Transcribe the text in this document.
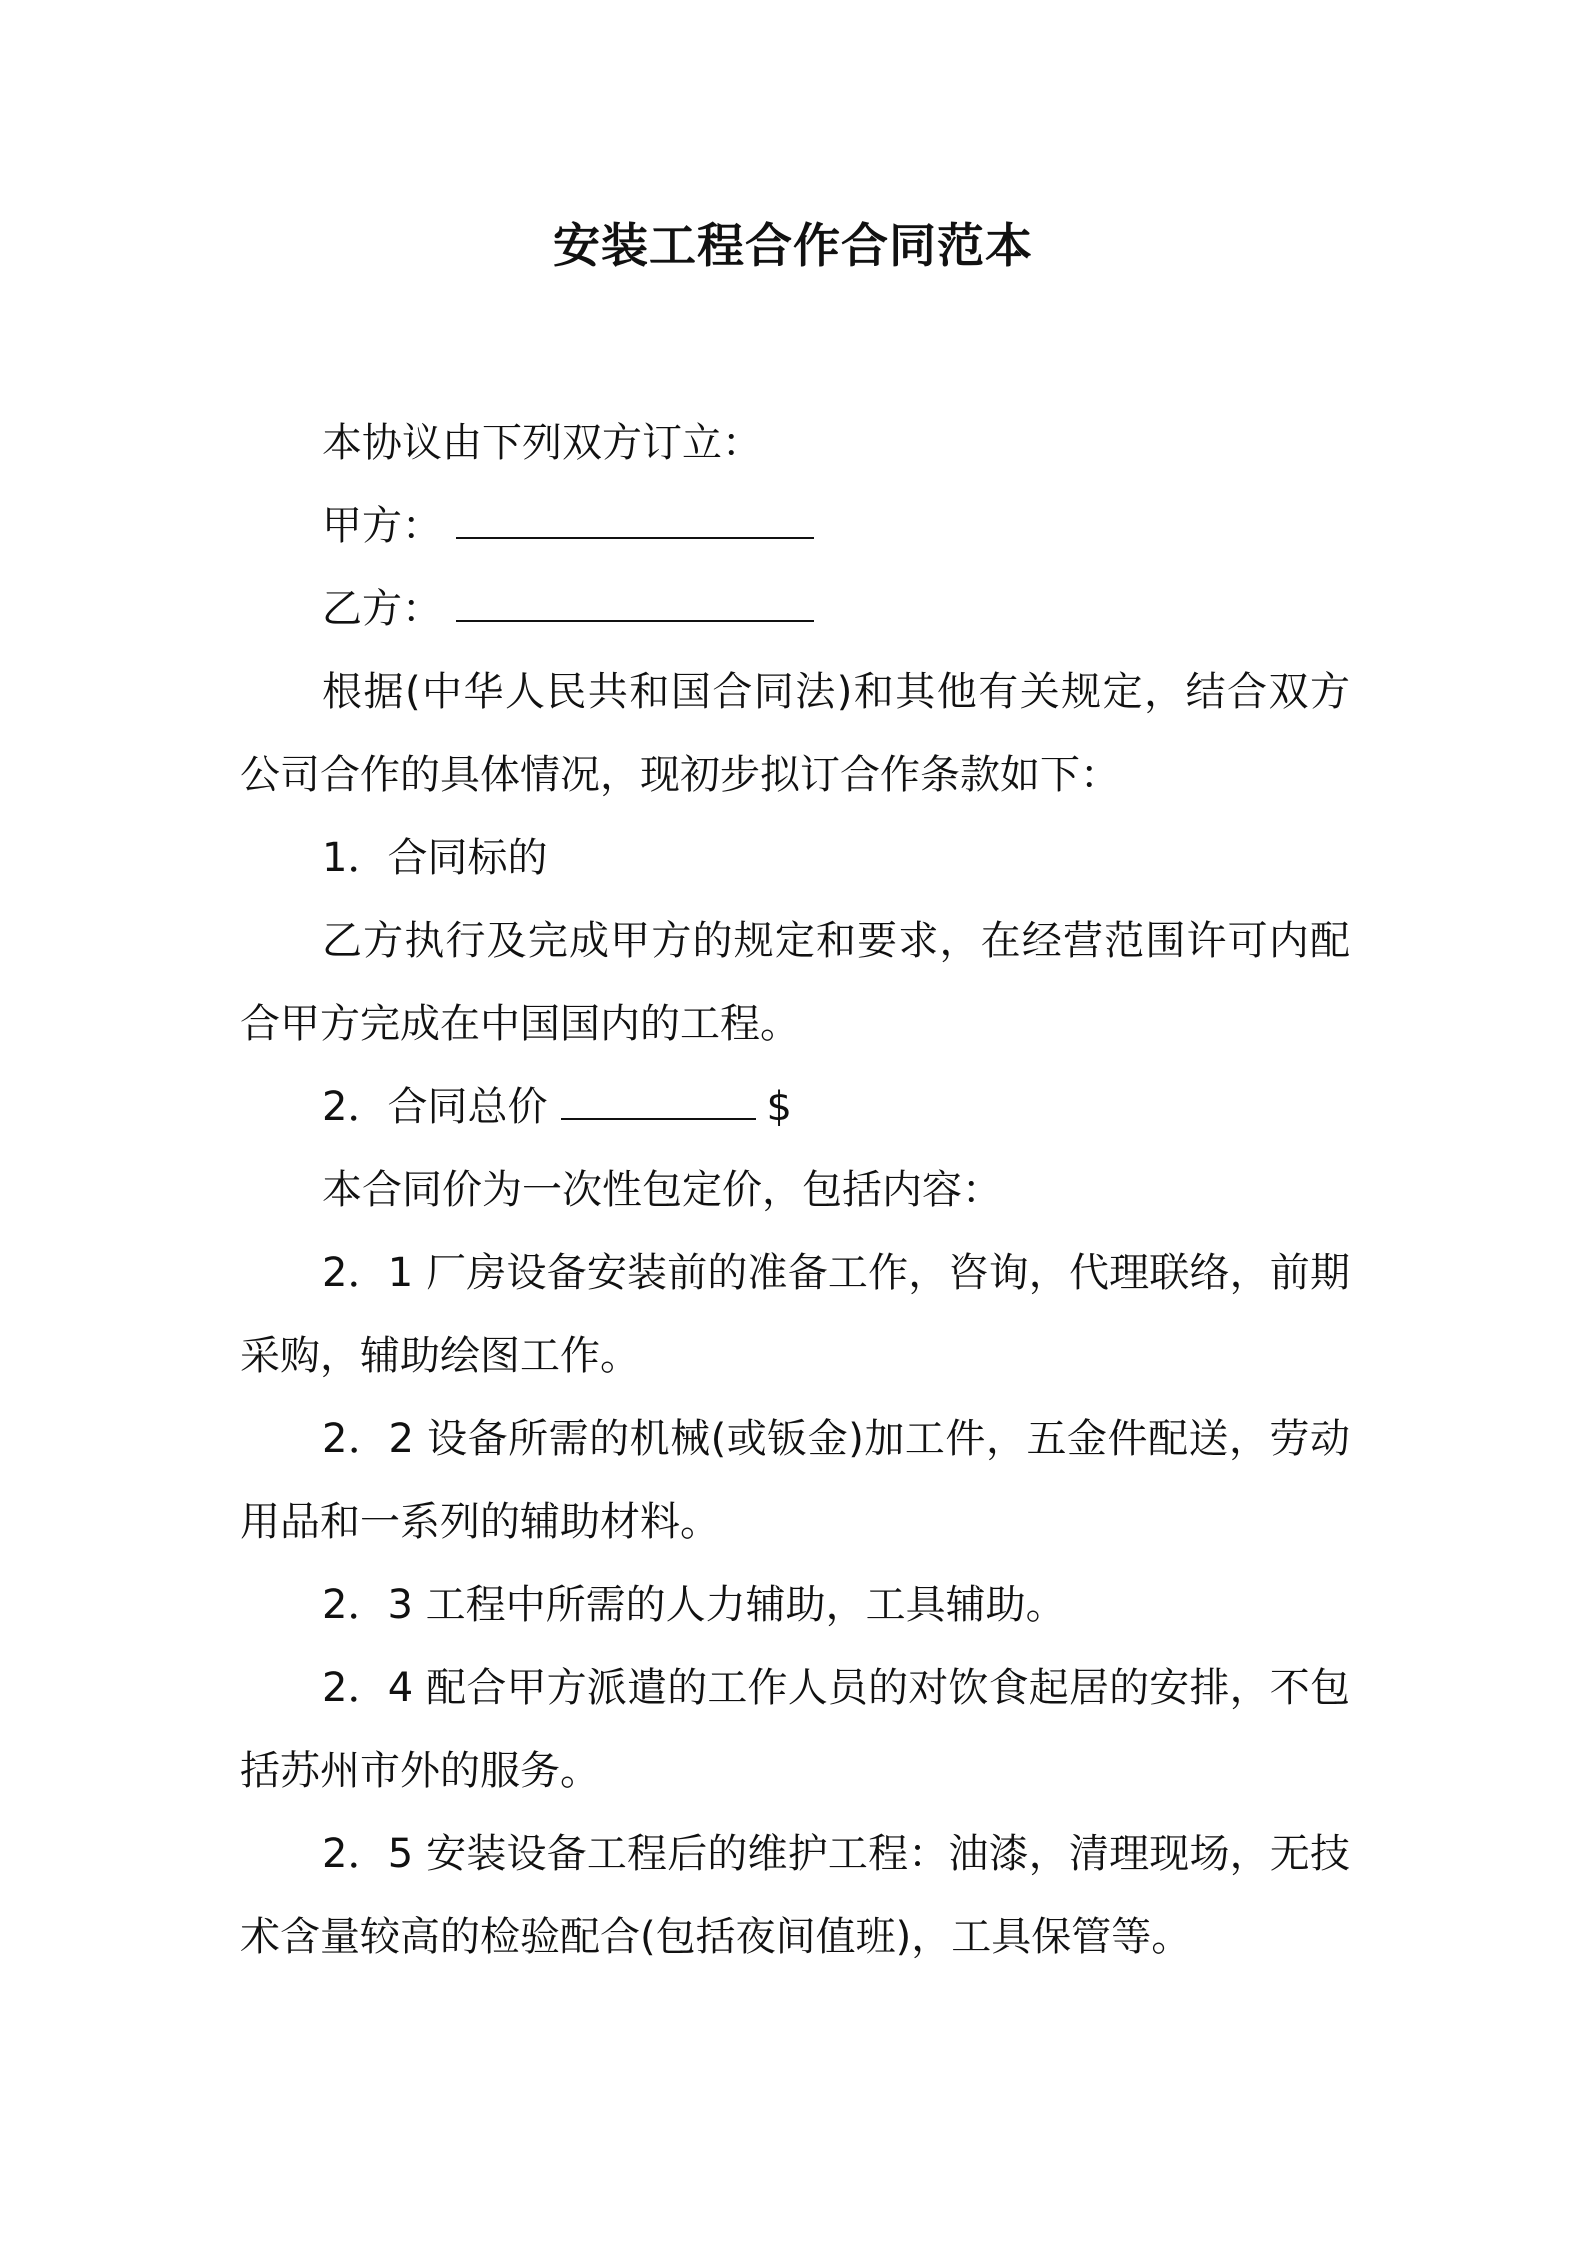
安装工程合作合同范本

本协议由下列双方订立：

甲方：

乙方：

根据(中华人民共和国合同法)和其他有关规定，结合双方公司合作的具体情况，现初步拟订合作条款如下：

1．合同标的

乙方执行及完成甲方的规定和要求，在经营范围许可内配合甲方完成在中国国内的工程。

2．合同总价	$

本合同价为一次性包定价，包括内容：

2．1 厂房设备安装前的准备工作，咨询，代理联络，前期采购，辅助绘图工作。

2．2 设备所需的机械(或钣金)加工件，五金件配送，劳动用品和一系列的辅助材料。

2．3 工程中所需的人力辅助，工具辅助。

2．4 配合甲方派遣的工作人员的对饮食起居的安排，不包括苏州市外的服务。

2．5 安装设备工程后的维护工程：油漆，清理现场，无技术含量较高的检验配合(包括夜间值班)，工具保管等。
